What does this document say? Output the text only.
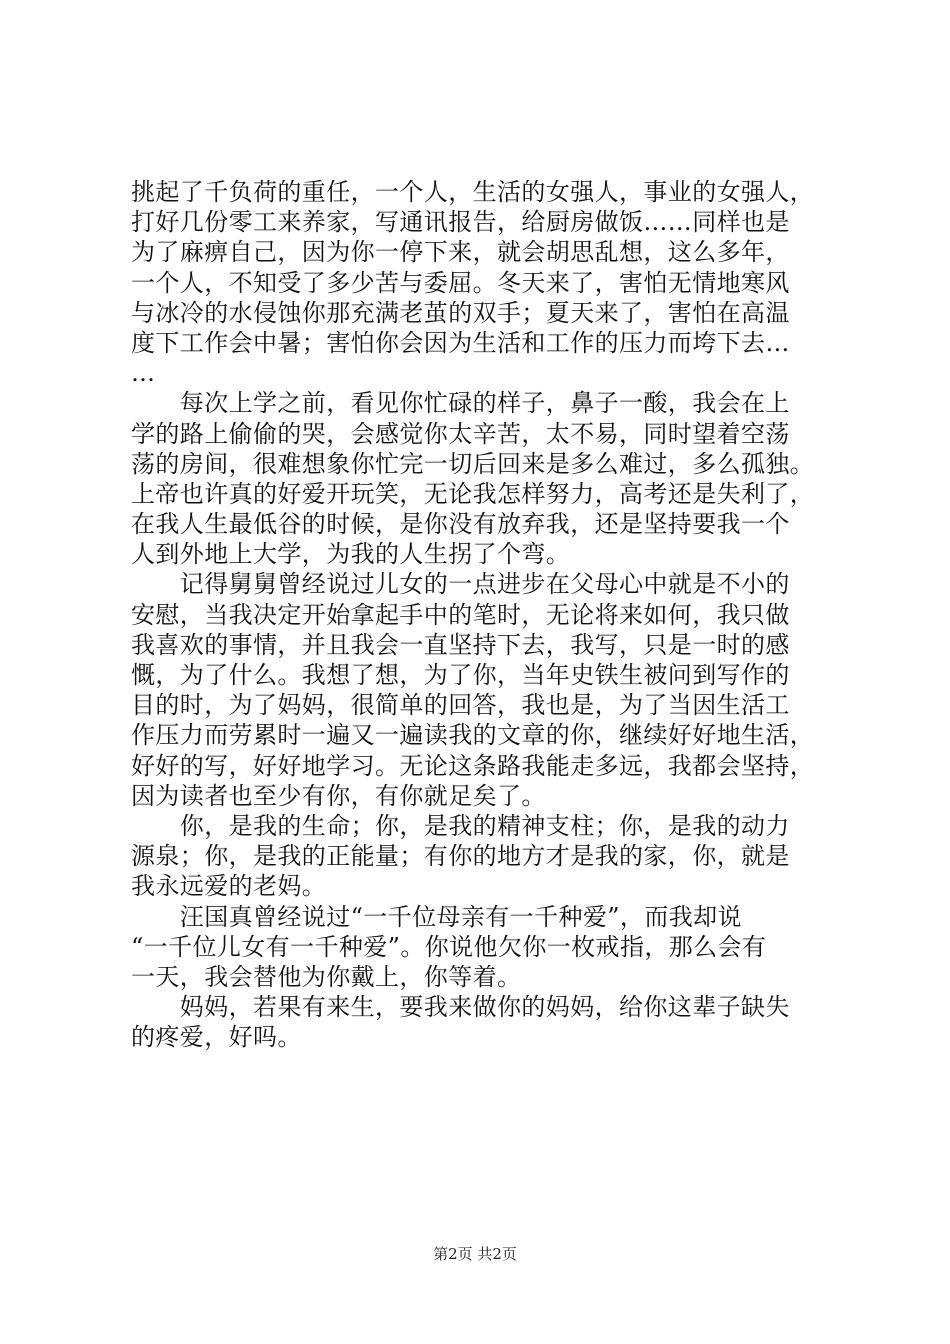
挑起了千负荷的重任，一个人，生活的女强人，事业的女强人，
打好几份零工来养家，写通讯报告，给厨房做饭……同样也是
为了麻痹自己，因为你一停下来，就会胡思乱想，这么多年，
一个人，不知受了多少苦与委屈。冬天来了，害怕无情地寒风
与冰冷的水侵蚀你那充满老茧的双手；夏天来了，害怕在高温
度下工作会中暑；害怕你会因为生活和工作的压力而垮下去…
…
　　每次上学之前，看见你忙碌的样子，鼻子一酸，我会在上
学的路上偷偷的哭，会感觉你太辛苦，太不易，同时望着空荡
荡的房间，很难想象你忙完一切后回来是多么难过，多么孤独。
上帝也许真的好爱开玩笑，无论我怎样努力，高考还是失利了，
在我人生最低谷的时候，是你没有放弃我，还是坚持要我一个
人到外地上大学，为我的人生拐了个弯。
　　记得舅舅曾经说过儿女的一点进步在父母心中就是不小的
安慰，当我决定开始拿起手中的笔时，无论将来如何，我只做
我喜欢的事情，并且我会一直坚持下去，我写，只是一时的感
慨，为了什么。我想了想，为了你，当年史铁生被问到写作的
目的时，为了妈妈，很简单的回答，我也是，为了当因生活工
作压力而劳累时一遍又一遍读我的文章的你，继续好好地生活，
好好的写，好好地学习。无论这条路我能走多远，我都会坚持，
因为读者也至少有你，有你就足矣了。
　　你，是我的生命；你，是我的精神支柱；你，是我的动力
源泉；你，是我的正能量；有你的地方才是我的家，你，就是
我永远爱的老妈。
　　汪国真曾经说过“一千位母亲有一千种爱”，而我却说
“一千位儿女有一千种爱”。你说他欠你一枚戒指，那么会有
一天，我会替他为你戴上，你等着。
　　妈妈，若果有来生，要我来做你的妈妈，给你这辈子缺失
的疼爱，好吗。
第2页 共2页
